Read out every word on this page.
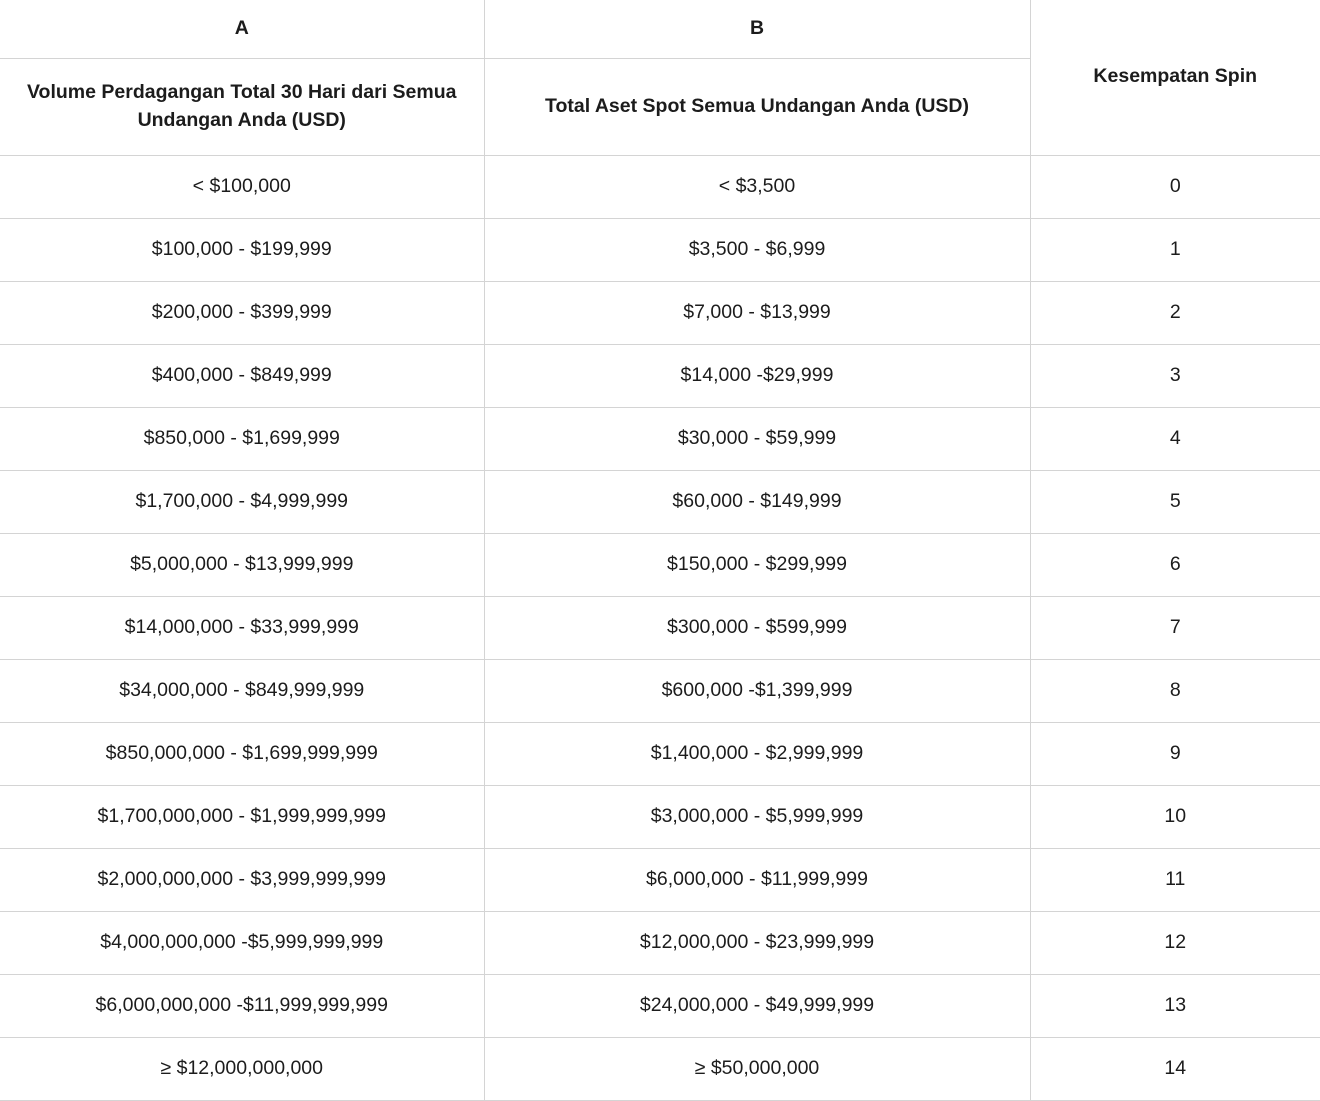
A	B	Kesempatan Spin
Volume Perdagangan Total 30 Hari dari Semua Undangan Anda (USD)	Total Aset Spot Semua Undangan Anda (USD)	
< $100,000	< $3,500	0
$100,000 - $199,999	$3,500 - $6,999	1
$200,000 - $399,999	$7,000 - $13,999	2
$400,000 - $849,999	$14,000 -$29,999	3
$850,000 - $1,699,999	$30,000 - $59,999	4
$1,700,000 - $4,999,999	$60,000 - $149,999	5
$5,000,000 - $13,999,999	$150,000 - $299,999	6
$14,000,000 - $33,999,999	$300,000 - $599,999	7
$34,000,000 - $849,999,999	$600,000 -$1,399,999	8
$850,000,000 - $1,699,999,999	$1,400,000 - $2,999,999	9
$1,700,000,000 - $1,999,999,999	$3,000,000 - $5,999,999	10
$2,000,000,000 - $3,999,999,999	$6,000,000 - $11,999,999	11
$4,000,000,000 -$5,999,999,999	$12,000,000 - $23,999,999	12
$6,000,000,000 -$11,999,999,999	$24,000,000 - $49,999,999	13
≥ $12,000,000,000	≥ $50,000,000	14
